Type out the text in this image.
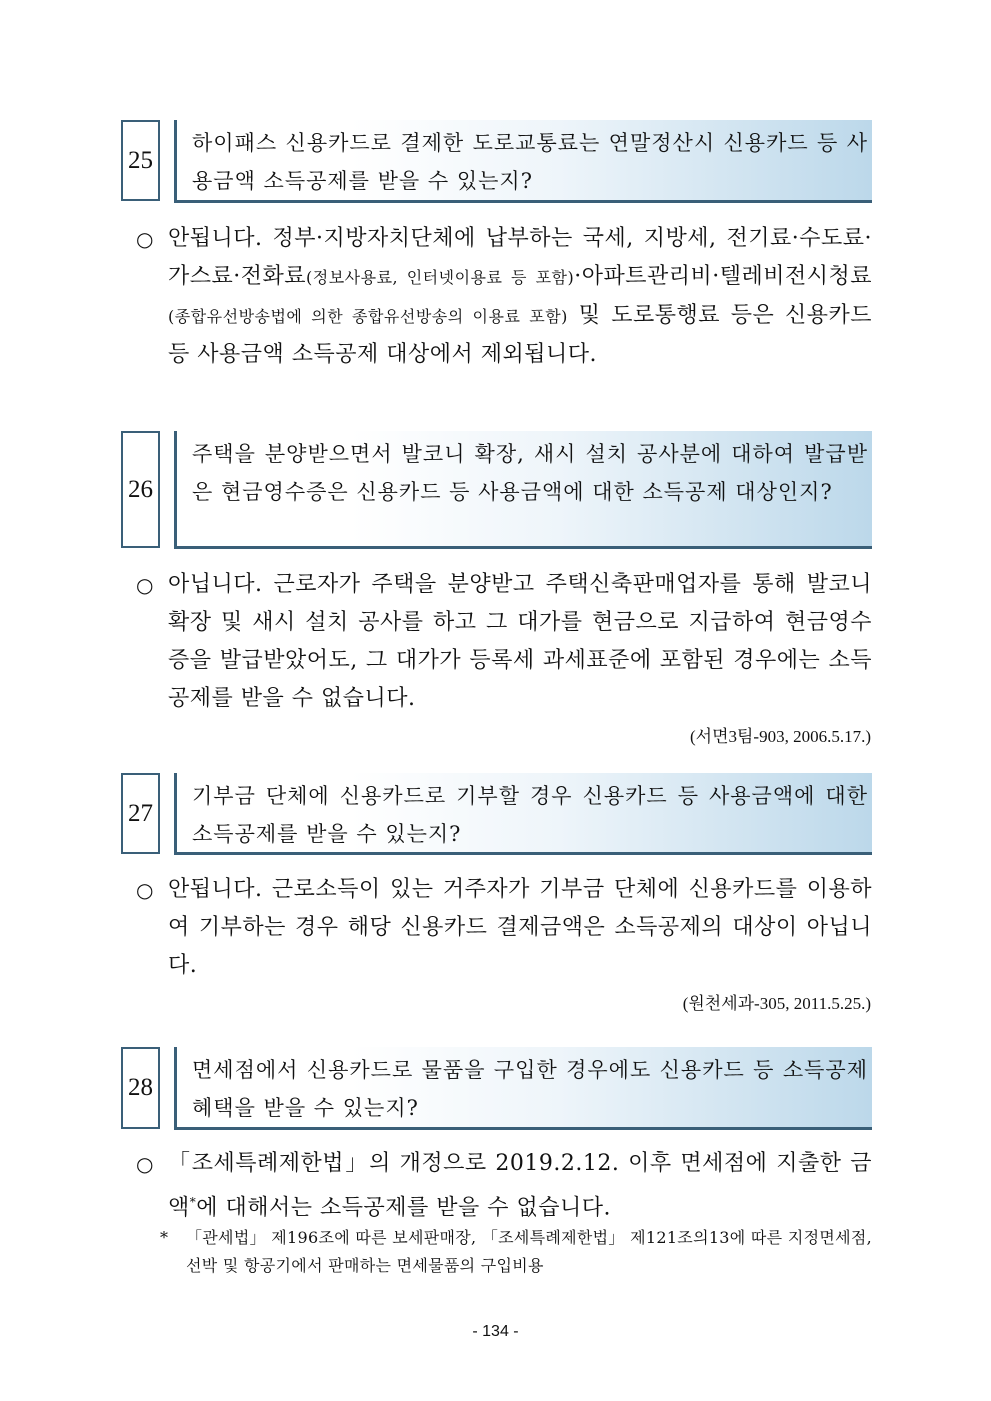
25
하이패스 신용카드로 결제한 도로교통료는 연말정산시 신용카드 등 사용금액 소득공제를 받을 수 있는지?
○ 안됩니다. 정부·지방자치단체에 납부하는 국세, 지방세, 전기료·수도료·가스료·전화료(정보사용료, 인터넷이용료 등 포함)·아파트관리비·텔레비전시청료(종합유선방송법에 의한 종합유선방송의 이용료 포함) 및 도로통행료 등은 신용카드 등 사용금액 소득공제 대상에서 제외됩니다.
26
주택을 분양받으면서 발코니 확장, 새시 설치 공사분에 대하여 발급받은 현금영수증은 신용카드 등 사용금액에 대한 소득공제 대상인지?
○ 아닙니다. 근로자가 주택을 분양받고 주택신축판매업자를 통해 발코니 확장 및 새시 설치 공사를 하고 그 대가를 현금으로 지급하여 현금영수증을 발급받았어도, 그 대가가 등록세 과세표준에 포함된 경우에는 소득공제를 받을 수 없습니다.
(서면3팀-903, 2006.5.17.)
27
기부금 단체에 신용카드로 기부할 경우 신용카드 등 사용금액에 대한 소득공제를 받을 수 있는지?
○ 안됩니다. 근로소득이 있는 거주자가 기부금 단체에 신용카드를 이용하여 기부하는 경우 해당 신용카드 결제금액은 소득공제의 대상이 아닙니다.
(원천세과-305, 2011.5.25.)
28
면세점에서 신용카드로 물품을 구입한 경우에도 신용카드 등 소득공제 혜택을 받을 수 있는지?
○ 「조세특례제한법」의 개정으로 2019.2.12. 이후 면세점에 지출한 금액*에 대해서는 소득공제를 받을 수 없습니다.
* 「관세법」 제196조에 따른 보세판매장, 「조세특례제한법」 제121조의13에 따른 지정면세점, 선박 및 항공기에서 판매하는 면세물품의 구입비용
- 134 -
